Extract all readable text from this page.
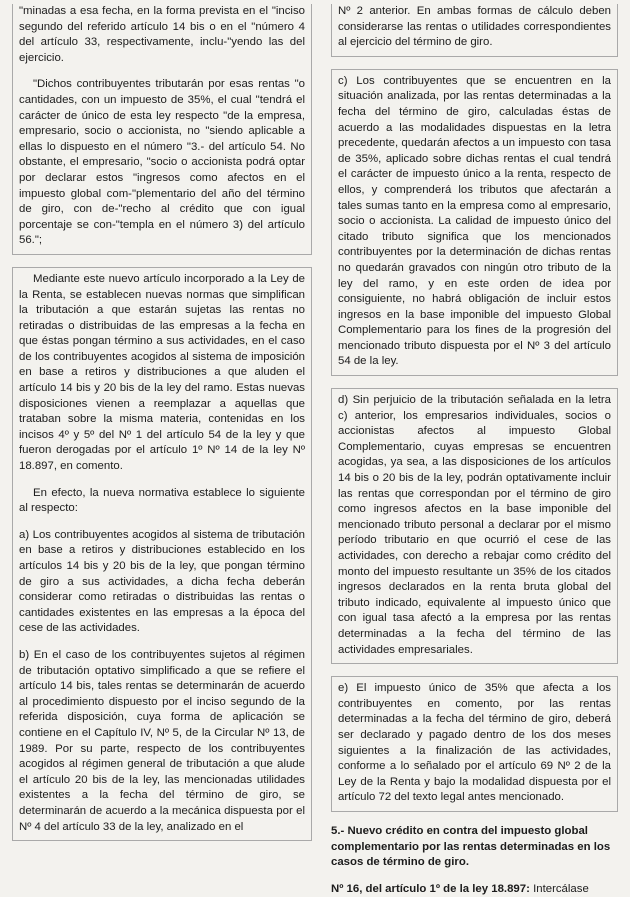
"minadas a esa fecha, en la forma prevista en el "inciso segundo del referido artículo 14 bis o en el "número 4 del artículo 33, respectivamente, inclu-"yendo las del ejercicio.

"Dichos contribuyentes tributarán por esas rentas "o cantidades, con un impuesto de 35%, el cual "tendrá el carácter de único de esta ley respecto "de la empresa, empresario, socio o accionista, no "siendo aplicable a ellas lo dispuesto en el número "3.- del artículo 54. No obstante, el empresario, "socio o accionista podrá optar por declarar estos "ingresos como afectos en el impuesto global com-"plementario del año del término de giro, con de-"recho al crédito que con igual porcentaje se con-"templa en el número 3) del artículo 56.";

Mediante este nuevo artículo incorporado a la Ley de la Renta, se establecen nuevas normas que simplifican la tributación a que estarán sujetas las rentas no retiradas o distribuidas de las empresas a la fecha en que éstas pongan término a sus actividades, en el caso de los contribuyentes acogidos al sistema de imposición en base a retiros y distribuciones a que aluden el artículo 14 bis y 20 bis de la ley del ramo. Estas nuevas disposiciones vienen a reemplazar a aquellas que trataban sobre la misma materia, contenidas en los incisos 4º y 5º del Nº 1 del artículo 54 de la ley y que fueron derogadas por el artículo 1º Nº 14 de la ley Nº 18.897, en comento.

En efecto, la nueva normativa establece lo siguiente al respecto:

a) Los contribuyentes acogidos al sistema de tributación en base a retiros y distribuciones establecido en los artículos 14 bis y 20 bis de la ley, que pongan término de giro a sus actividades, a dicha fecha deberán considerar como retiradas o distribuidas las rentas o cantidades existentes en las empresas a la época del cese de las actividades.

b) En el caso de los contribuyentes sujetos al régimen de tributación optativo simplificado a que se refiere el artículo 14 bis, tales rentas se determinarán de acuerdo al procedimiento dispuesto por el inciso segundo de la referida disposición, cuya forma de aplicación se contiene en el Capítulo IV, Nº 5, de la Circular Nº 13, de 1989. Por su parte, respecto de los contribuyentes acogidos al régimen general de tributación a que alude el artículo 20 bis de la ley, las mencionadas utilidades existentes a la fecha del término de giro, se determinarán de acuerdo a la mecánica dispuesta por el Nº 4 del artículo 33 de la ley, analizado en el

Nº 2 anterior. En ambas formas de cálculo deben considerarse las rentas o utilidades correspondientes al ejercicio del término de giro.

c) Los contribuyentes que se encuentren en la situación analizada, por las rentas determinadas a la fecha del término de giro, calculadas éstas de acuerdo a las modalidades dispuestas en la letra precedente, quedarán afectos a un impuesto con tasa de 35%, aplicado sobre dichas rentas el cual tendrá el carácter de impuesto único a la renta, respecto de ellos, y comprenderá los tributos que afectarán a tales sumas tanto en la empresa como al empresario, socio o accionista. La calidad de impuesto único del citado tributo significa que los mencionados contribuyentes por la determinación de dichas rentas no quedarán gravados con ningún otro tributo de la ley del ramo, y en este orden de idea por consiguiente, no habrá obligación de incluir estos ingresos en la base imponible del impuesto Global Complementario para los fines de la progresión del mencionado tributo dispuesta por el Nº 3 del artículo 54 de la ley.

d) Sin perjuicio de la tributación señalada en la letra c) anterior, los empresarios individuales, socios o accionistas afectos al impuesto Global Complementario, cuyas empresas se encuentren acogidas, ya sea, a las disposiciones de los artículos 14 bis o 20 bis de la ley, podrán optativamente incluir las rentas que correspondan por el término de giro como ingresos afectos en la base imponible del mencionado tributo personal a declarar por el mismo período tributario en que ocurrió el cese de las actividades, con derecho a rebajar como crédito del monto del impuesto resultante un 35% de los citados ingresos declarados en la renta bruta global del tributo indicado, equivalente al impuesto único que con igual tasa afectó a la empresa por las rentas determinadas a la fecha del término de las actividades empresariales.

e) El impuesto único de 35% que afecta a los contribuyentes en comento, por las rentas determinadas a la fecha del término de giro, deberá ser declarado y pagado dentro de los dos meses siguientes a la finalización de las actividades, conforme a lo señalado por el artículo 69 Nº 2 de la Ley de la Renta y bajo la modalidad dispuesta por el artículo 72 del texto legal antes mencionado.

5.- Nuevo crédito en contra del impuesto global complementario por las rentas determinadas en los casos de término de giro.

Nº 16, del artículo 1º de la ley 18.897: Intercálase
